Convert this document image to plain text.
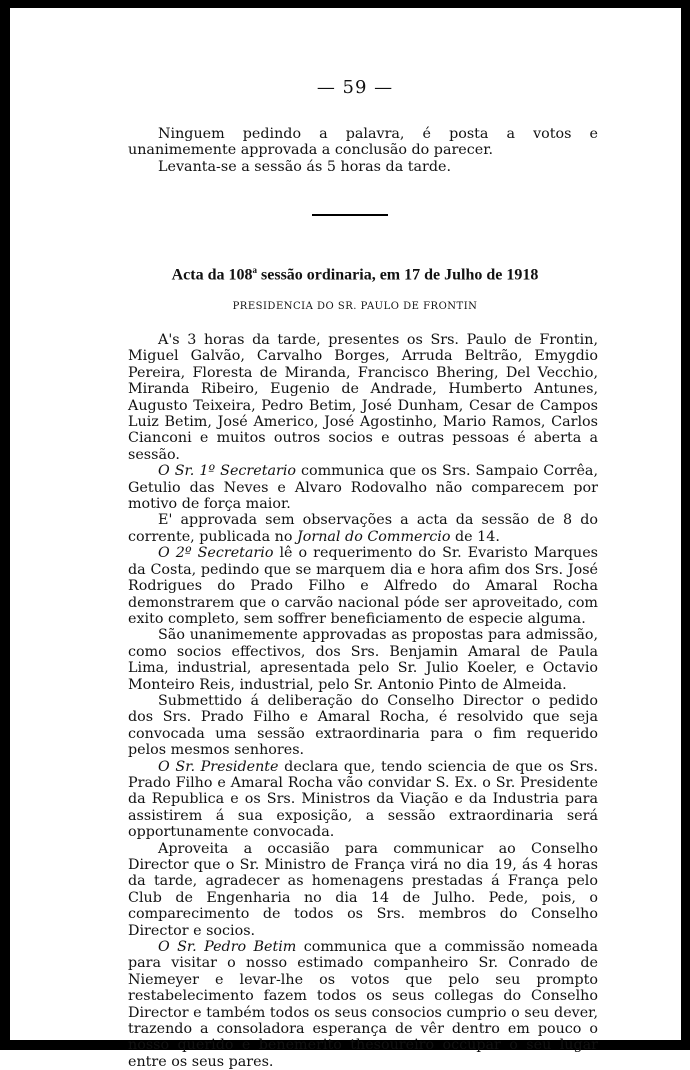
— 59 —

Ninguem pedindo a palavra, é posta a votos e unanimemente approvada a conclusão do parecer.

Levanta-se a sessão ás 5 horas da tarde.

Acta da 108$^a$ sessão ordinaria, em 17 de Julho de 1918
PRESIDENCIA DO SR. PAULO DE FRONTIN

A's 3 horas da tarde, presentes os Srs. Paulo de Frontin, Miguel Galvão, Carvalho Borges, Arruda Beltrão, Emygdio Pereira, Floresta de Miranda, Francisco Bhering, Del Vecchio, Miranda Ribeiro, Eugenio de Andrade, Humberto Antunes, Augusto Teixeira, Pedro Betim, José Dunham, Cesar de Campos Luiz Betim, José Americo, José Agostinho, Mario Ramos, Carlos Cianconi e muitos outros socios e outras pessoas é aberta a sessão.

O Sr. 1º Secretario communica que os Srs. Sampaio Corrêa, Getulio das Neves e Alvaro Rodovalho não comparecem por motivo de força maior.

E' approvada sem observações a acta da sessão de 8 do corrente, publicada no Jornal do Commercio de 14.

O 2º Secretario lê o requerimento do Sr. Evaristo Marques da Costa, pedindo que se marquem dia e hora afim dos Srs. José Rodrigues do Prado Filho e Alfredo do Amaral Rocha demonstrarem que o carvão nacional póde ser aproveitado, com exito completo, sem soffrer beneficiamento de especie alguma.

São unanimemente approvadas as propostas para admissão, como socios effectivos, dos Srs. Benjamin Amaral de Paula Lima, industrial, apresentada pelo Sr. Julio Koeler, e Octavio Monteiro Reis, industrial, pelo Sr. Antonio Pinto de Almeida.

Submettido á deliberação do Conselho Director o pedido dos Srs. Prado Filho e Amaral Rocha, é resolvido que seja convocada uma sessão extraordinaria para o fim requerido pelos mesmos senhores.

O Sr. Presidente declara que, tendo sciencia de que os Srs. Prado Filho e Amaral Rocha vão convidar S. Ex. o Sr. Presidente da Republica e os Srs. Ministros da Viação e da Industria para assistirem á sua exposição, a sessão extraordinaria será opportunamente convocada.

Aproveita a occasião para communicar ao Conselho Director que o Sr. Ministro de França virá no dia 19, ás 4 horas da tarde, agradecer as homenagens prestadas á França pelo Club de Engenharia no dia 14 de Julho. Pede, pois, o comparecimento de todos os Srs. membros do Conselho Director e socios.

O Sr. Pedro Betim communica que a commissão nomeada para visitar o nosso estimado companheiro Sr. Conrado de Niemeyer e levar-lhe os votos que pelo seu prompto restabelecimento fazem todos os seus collegas do Conselho Director e também todos os seus consocios cumprio o seu dever, trazendo a consoladora esperança de vêr dentro em pouco o nosso querido e benemerito thesoureiro occupar o seu lugar entre os seus pares.
